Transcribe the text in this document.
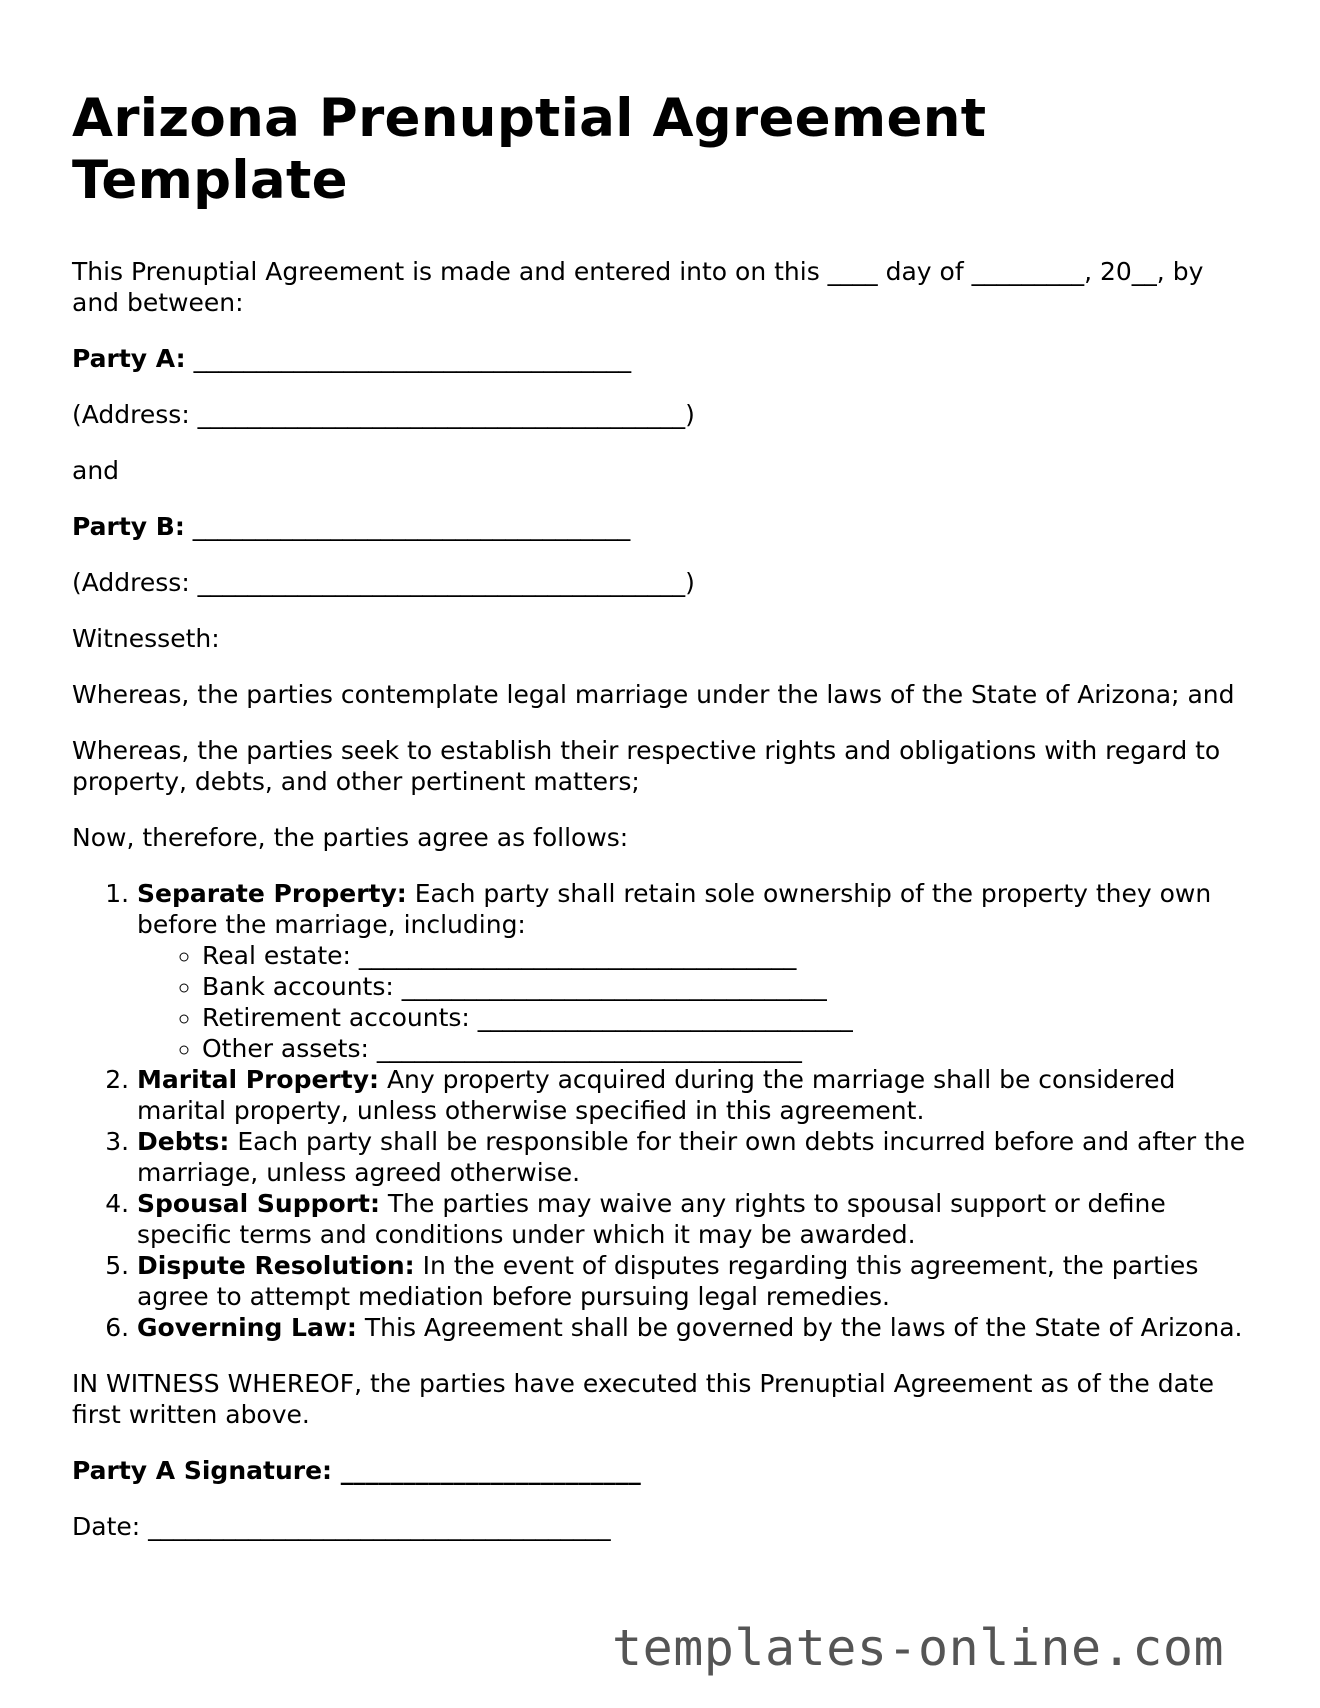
Arizona Prenuptial Agreement Template

This Prenuptial Agreement is made and entered into on this ____ day of _________, 20__, by and between:

Party A: ___________________________________

(Address: _______________________________________)

and

Party B: ___________________________________

(Address: _______________________________________)

Witnesseth:

Whereas, the parties contemplate legal marriage under the laws of the State of Arizona; and

Whereas, the parties seek to establish their respective rights and obligations with regard to property, debts, and other pertinent matters;

Now, therefore, the parties agree as follows:

1. Separate Property: Each party shall retain sole ownership of the property they own before the marriage, including:
◦ Real estate: ___________________________________
◦ Bank accounts: __________________________________
◦ Retirement accounts: ______________________________
◦ Other assets: __________________________________
2. Marital Property: Any property acquired during the marriage shall be considered marital property, unless otherwise specified in this agreement.
3. Debts: Each party shall be responsible for their own debts incurred before and after the marriage, unless agreed otherwise.
4. Spousal Support: The parties may waive any rights to spousal support or define specific terms and conditions under which it may be awarded.
5. Dispute Resolution: In the event of disputes regarding this agreement, the parties agree to attempt mediation before pursuing legal remedies.
6. Governing Law: This Agreement shall be governed by the laws of the State of Arizona.

IN WITNESS WHEREOF, the parties have executed this Prenuptial Agreement as of the date first written above.

Party A Signature: ________________________

Date: _____________________________________

templates-online.com
